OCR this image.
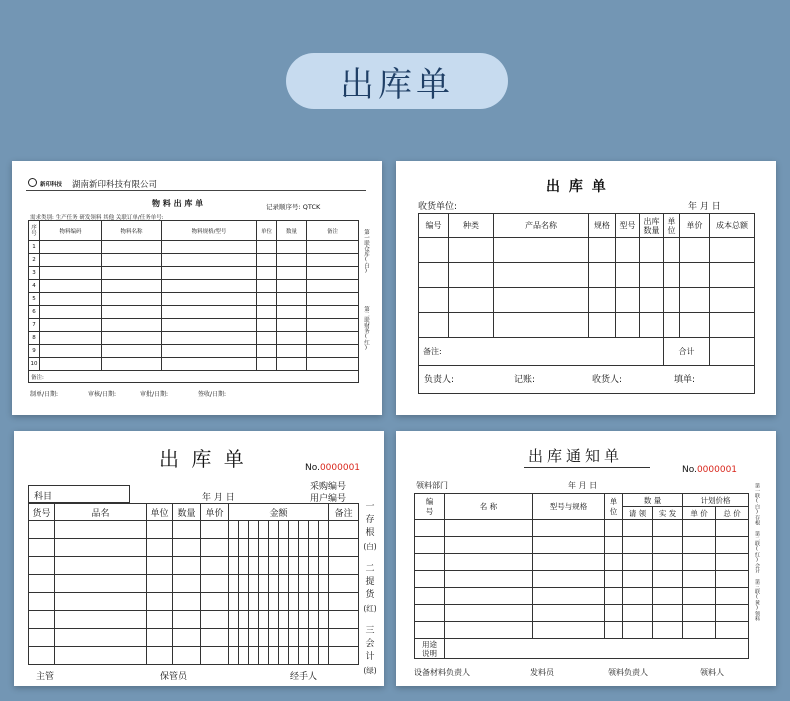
出库单
新印科技 湖南新印科技有限公司
物 料 出 库 单	记录顺序号: QTCK
需求类别: 生产任务 研发领料 其他 关联订单/任务单号:
序号	物料编码	物料名称	物料规格/型号	单位	数量	备注
1						
2						
3						
4						
5						
6						
7						
8						
9						
10						
备注:						
制单/日期:	审核/日期:	审批/日期:	签收/日期:
第一联仓库(白)
第二联财务(红)
出 库 单
收货单位:	年 月 日
编号	种类	产品名称	规格	型号	出库数量	单位	单价	成本总额

备注:						合计		

负责人:	记账:	收货人:	填单:
出 库 单	No.0000001
科目	年 月 日
采购编号
用户编号
货号	品名	单位	数量	单价	金额										备注

一
存
根
(白)
二
提
货
(红)
三
会
计
(绿)
主管	保管员	经手人
出库通知单
No.0000001
领料部门	年 月 日
编号	名 称	型号与规格	单位	数 量		计划价格	
				请 领	实 发	单 价	总 价

用途说明							
设备材料负责人	发料员	领料负责人	领料人
第一联(白)存根 第二联(红)会计 第三联(黄)领料
